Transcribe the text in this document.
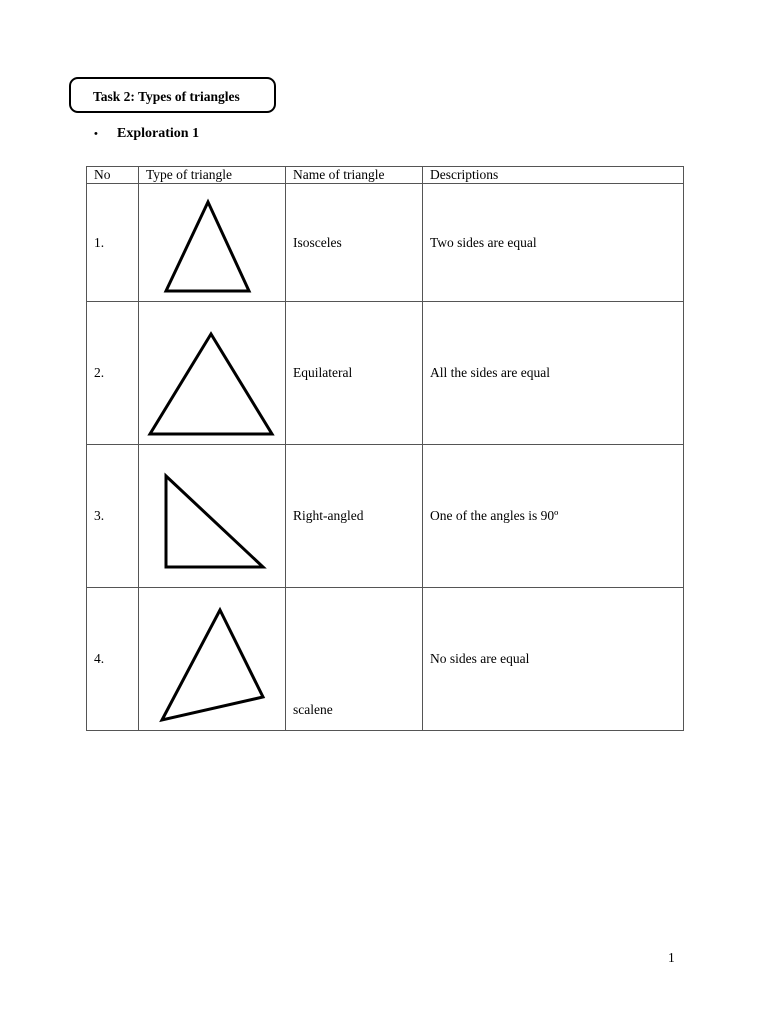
Task 2: Types of triangles
• Exploration 1
No	Type of triangle	Name of triangle	Descriptions
1.		Isosceles	Two sides are equal
2.		Equilateral	All the sides are equal
3.		Right-angled	One of the angles is 90º
4.		scalene	No sides are equal
1
